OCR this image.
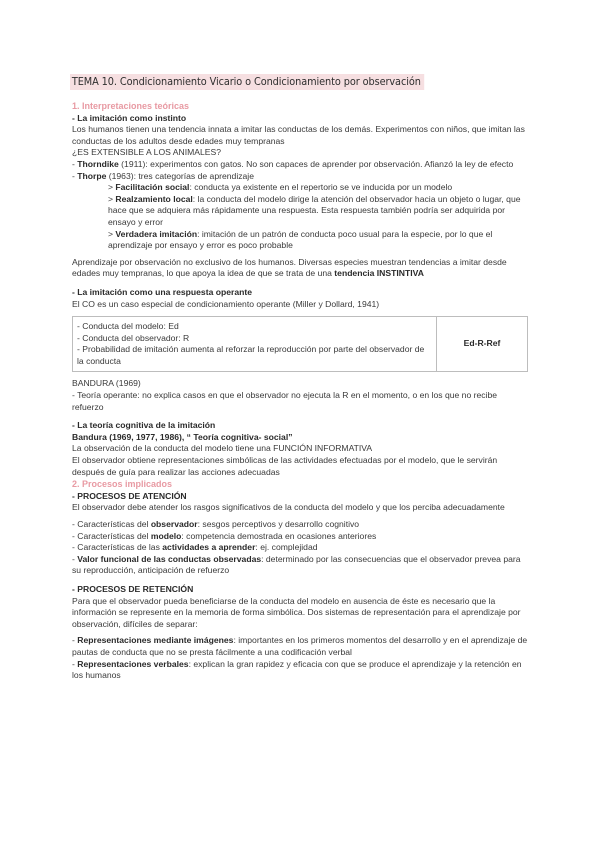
TEMA 10. Condicionamiento Vicario o Condicionamiento por observación

1. Interpretaciones teóricas

- La imitación como instinto

Los humanos tienen una tendencia innata a imitar las conductas de los demás. Experimentos con niños, que imitan las conductas de los adultos desde edades muy tempranas

¿ES EXTENSIBLE A LOS ANIMALES?

- Thorndike (1911): experimentos con gatos. No son capaces de aprender por observación. Afianzó la ley de efecto

- Thorpe (1963): tres categorías de aprendizaje

> Facilitación social: conducta ya existente en el repertorio se ve inducida por un modelo

> Realzamiento local: la conducta del modelo dirige la atención del observador hacia un objeto o lugar, que hace que se adquiera más rápidamente una respuesta. Esta respuesta también podría ser adquirida por ensayo y error

> Verdadera imitación: imitación de un patrón de conducta poco usual para la especie, por lo que el aprendizaje por ensayo y error es poco probable

Aprendizaje por observación no exclusivo de los humanos. Diversas especies muestran tendencias a imitar desde edades muy tempranas, lo que apoya la idea de que se trata de una tendencia INSTINTIVA

- La imitación como una respuesta operante

El CO es un caso especial de condicionamiento operante (Miller y Dollard, 1941)

- Conducta del modelo: Ed
- Conducta del observador: R
- Probabilidad de imitación aumenta al reforzar la reproducción por parte del observador de la conducta
	Ed-R-Ref

BANDURA (1969)

- Teoría operante: no explica casos en que el observador no ejecuta la R en el momento, o en los que no recibe refuerzo

- La teoría cognitiva de la imitación

Bandura (1969, 1977, 1986), “ Teoría cognitiva- social”

La observación de la conducta del modelo tiene una FUNCIÓN INFORMATIVA

El observador obtiene representaciones simbólicas de las actividades efectuadas por el modelo, que le servirán después de guía para realizar las acciones adecuadas

2. Procesos implicados

- PROCESOS DE ATENCIÓN

El observador debe atender los rasgos significativos de la conducta del modelo y que los perciba adecuadamente

- Características del observador: sesgos perceptivos y desarrollo cognitivo

- Características del modelo: competencia demostrada en ocasiones anteriores

- Características de las actividades a aprender: ej. complejidad

- Valor funcional de las conductas observadas: determinado por las consecuencias que el observador prevea para su reproducción, anticipación de refuerzo

- PROCESOS DE RETENCIÓN

Para que el observador pueda beneficiarse de la conducta del modelo en ausencia de éste es necesario que la información se represente en la memoria de forma simbólica. Dos sistemas de representación para el aprendizaje por observación, difíciles de separar:

- Representaciones mediante imágenes: importantes en los primeros momentos del desarrollo y en el aprendizaje de pautas de conducta que no se presta fácilmente a una codificación verbal

- Representaciones verbales: explican la gran rapidez y eficacia con que se produce el aprendizaje y la retención en los humanos
